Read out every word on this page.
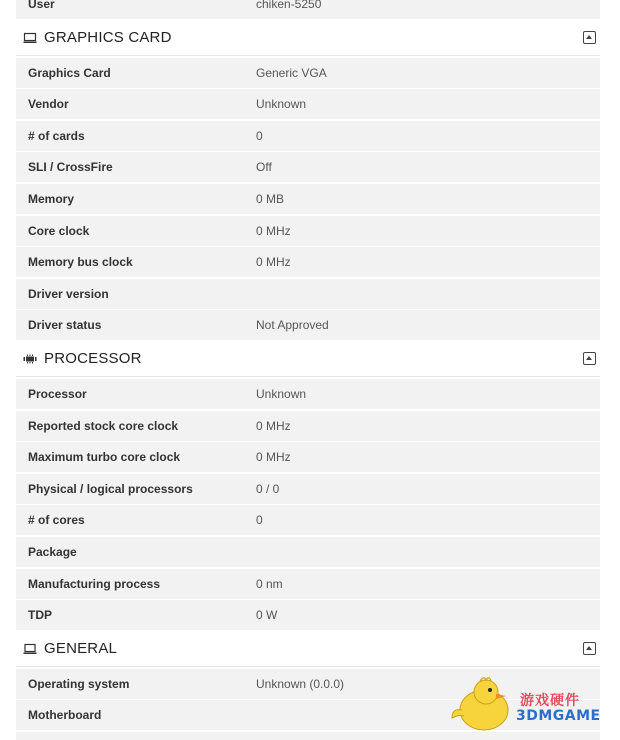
User	chiken-5250
GRAPHICS CARD
Graphics Card	Generic VGA
Vendor	Unknown
# of cards	0
SLI / CrossFire	Off
Memory	0 MB
Core clock	0 MHz
Memory bus clock	0 MHz
Driver version
Driver status	Not Approved
PROCESSOR
Processor	Unknown
Reported stock core clock	0 MHz
Maximum turbo core clock	0 MHz
Physical / logical processors	0 / 0
# of cores	0
Package
Manufacturing process	0 nm
TDP	0 W
GENERAL
Operating system	Unknown (0.0.0)
Motherboard
游戏硬件
3DMGAME
